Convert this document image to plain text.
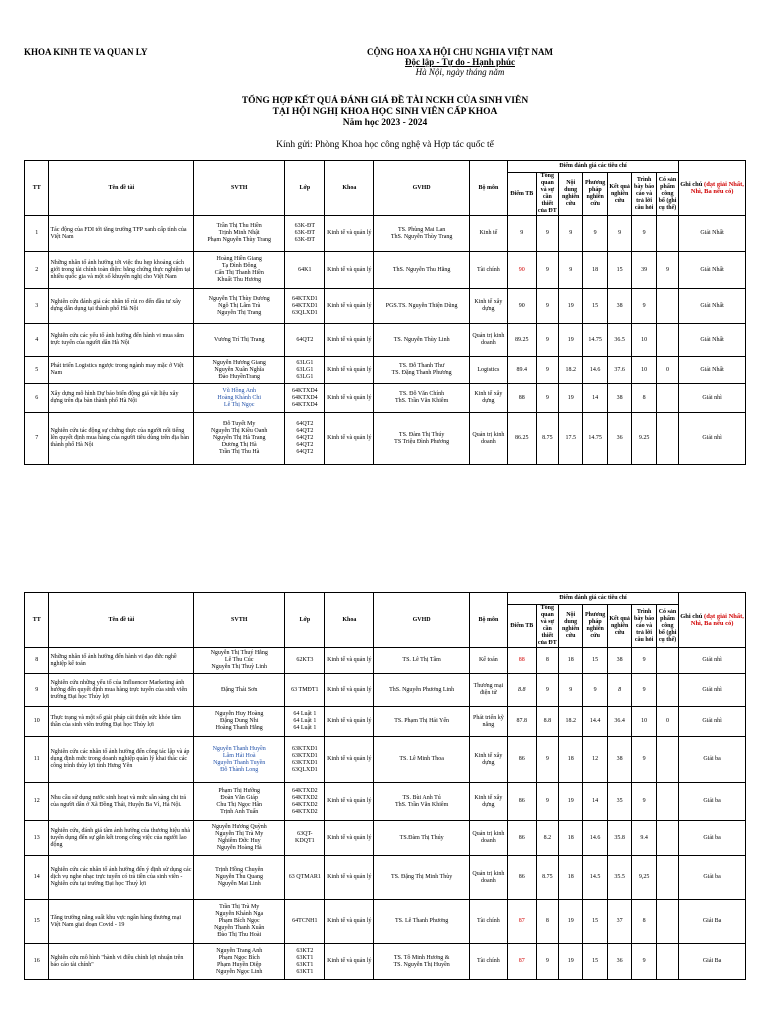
KHOA KINH TE VA QUAN LY	CỘNG HOA XA HỘI CHU NGHIA VIỆT NAM
Độc lập - Tự do - Hạnh phúc
Hà Nội, ngày tháng năm
TỔNG HỢP KẾT QUẢ ĐÁNH GIÁ ĐỀ TÀI NCKH CỦA SINH VIÊN
TẠI HỘI NGHỊ KHOA HỌC SINH VIÊN CẤP KHOA
Năm học 2023 - 2024
Kính gửi: Phòng Khoa học công nghệ và Hợp tác quốc tế
TT	Tên đề tài	SVTH	Lớp	Khoa	GVHD	Bộ môn	Điểm đánh giá các tiêu chí							Ghi chú (đạt giải Nhất, Nhì, Ba nếu có)
							Điểm TB	Tổng quan và sự cần thiết của ĐT	Nội dung nghiên cứu	Phương pháp nghiên cứu	Kết quả nghiên cứu	Trình bày báo cáo và trả lời câu hỏi	Có sản phẩm công bố (ghi cụ thể)	
1	Tác động của FDI tới tăng trưởng TFP xanh cấp tỉnh của Việt Nam	Trần Thị Thu Hiền
Trịnh Minh Nhật
Phạm Nguyễn Thùy Trang	63K-ĐT
63K-ĐT
63K-ĐT	Kinh tế và quản lý	TS. Phùng Mai Lan
ThS. Nguyễn Thùy Trang	Kinh tế	9	9	9	9	9	9		Giải Nhất
2	Những nhân tố ảnh hưởng tới việc thu hẹp khoảng cách giới trong tài chính toàn diện: bằng chứng thực nghiệm tại nhiều quốc gia và một số khuyến nghị cho Việt Nam	Hoàng Hiền Giang
Tạ Đình Đông
Cấn Thị Thanh Hiền
Khuất Thu Hương	64K1	Kinh tế và quản lý	ThS. Nguyễn Thu Hằng	Tài chính	90	9	9	18	15	39	9	Giải Nhất
3	Nghiên cứu đánh giá các nhân tố rủi ro đến đầu tư xây dựng dẫn dụng tại thành phố Hà Nội	Nguyễn Thị Thùy Dương
Ngô Thị Lâm Trà
Nguyễn Thị Trang	64KTXD1
64KTXD1
63QLXD1	Kinh tế và quản lý	PGS.TS. Nguyễn Thiện Dũng	Kinh tế xây dựng	90	9	19	15	38	9		Giải Nhất
4	Nghiên cứu các yếu tố ảnh hưởng đến hành vi mua sắm trực tuyến của người dân Hà Nội	Vương Trí Thị Trang	64QT2	Kinh tế và quản lý	TS. Nguyễn Thùy Linh	Quản trị kinh doanh	89.25	9	19	14.75	36.5	10		Giải Nhất
5	Phát triển Logistics ngược trong ngành may mặc ở Việt Nam	Nguyễn Hương Giang
Nguyễn Xuân Nghĩa
Đào HuyềnTrang	63LG1
63LG1
63LG1	Kinh tế và quản lý	TS. Đỗ Thanh Thư
TS. Đặng Thanh Phương	Logistics	89.4	9	18.2	14.6	37.6	10	0	Giải Nhất
6	Xây dựng mô hình Dự báo biến động giá vật liệu xây dựng trên địa bàn thành phố Hà Nội	Vũ Hồng Anh
Hoàng Khánh Chi
Lê Thị Ngọc	64KTXD4
64KTXD4
64KTXD4	Kinh tế và quản lý	TS. Đỗ Văn Chính
ThS. Trần Văn Khiêm	Kinh tế xây dựng	88	9	19	14	38	8		Giải nhì
7	Nghiên cứu tác động sự chứng thực của người nổi tiếng lên quyết định mua hàng của người tiêu dùng trên địa bàn thành phố Hà Nội	Đỗ Tuyết My
Nguyễn Thị Kiều Oanh
Nguyễn Thị Hà Trang
Dương Thị Hà
Trần Thị Thu Hà	64QT2
64QT2
64QT2
64QT2
64QT2	Kinh tế và quản lý	TS. Đàm Thị Thúy
TS Triệu Đình Phương	Quản trị kinh doanh	86.25	8.75	17.5	14.75	36	9.25		Giải nhì
TT	Tên đề tài	SVTH	Lớp	Khoa	GVHD	Bộ môn	Điểm đánh giá các tiêu chí							Ghi chú (đạt giải Nhất, Nhì, Ba nếu có)
							Điểm TB	Tổng quan và sự cần thiết của ĐT	Nội dung nghiên cứu	Phương pháp nghiên cứu	Kết quả nghiên cứu	Trình bày báo cáo và trả lời câu hỏi	Có sản phẩm công bố (ghi cụ thể)	
8	Những nhân tố ảnh hưởng đến hành vi đạo đức nghề nghiệp kế toán	Nguyễn Thị Thuý Hằng
Lê Thu Cúc
Nguyễn Thị Thuỳ Linh	62KT3	Kinh tế và quản lý	TS. Lê Thị Tâm	Kế toán	88	8	18	15	38	9		Giải nhì
9	Nghiên cứu những yếu tố của Influencer Marketing ảnh hưởng đến quyết định mua hàng trực tuyến của sinh viên trường Đại học Thủy lợi	Đặng Thái Sơn	63 TMĐT1	Kinh tế và quản lý	ThS. Nguyễn Phương Linh	Thương mại điện tử	8.8	9	9	9	8	9		Giải nhì
10	Thực trạng và một số giải pháp cải thiện sức khỏe tâm thần của sinh viên trường Đại học Thủy lợi	Nguyễn Huy Hoàng
Đặng Dung Nhi
Hoàng Thanh Hằng	64 Luật 1
64 Luật 1
64 Luật 1	Kinh tế và quản lý	TS. Phạm Thị Hải Yến	Phát triển kỹ năng	87.8	8.8	18.2	14.4	36.4	10	0	Giải nhì
11	Nghiên cứu các nhân tố ảnh hưởng đến công tác lập và áp dụng định mức trong doanh nghiệp quản lý khai thác các công trình thủy lợi tỉnh Hưng Yên	Nguyễn Thanh Huyền
Lâm Hải Hoà
Nguyễn Thanh Tuyền
Đỗ Thành Long	63KTXD1
63KTXD1
63KTXD1
63QLXD1	Kinh tế và quản lý	TS. Lê Minh Thoa	Kinh tế xây dựng	86	9	18	12	38	9		Giải ba
12	Nhu cầu sử dụng nước sinh hoạt và mức sẵn sàng chi trả của người dân ở Xã Đồng Thái, Huyện Ba Vì, Hà Nội.	Phạm Thị Hường
Đoàn Văn Giáp
Chu Thị Ngọc Hân
Trịnh Anh Tuấn	64KTXD2
64KTXD2
64KTXD2
64KTXD2	Kinh tế và quản lý	TS. Bùi Anh Tú
ThS. Trần Văn Khiêm	Kinh tế xây dựng	86	9	19	14	35	9		Giải ba
13	Nghiên cứu, đánh giá tâm ảnh hưởng của thương hiệu nhà tuyển dụng đến sự gắn kết trong công việc của người lao động	Nguyễn Hương Quỳnh
Nguyễn Thị Trà My
Nghiêm Đức Huy
Nguyễn Hoàng Hà	63QT-
KDQT1	Kinh tế và quản lý	TS.Đàm Thị Thúy	Quản trị kinh doanh	86	8.2	18	14.6	35.8	9.4		Giải ba
14	Nghiên cứu các nhân tố ảnh hưởng đến ý định sử dụng các dịch vụ nghe nhạc trực tuyến có trả tiền của sinh viên - Nghiên cứu tại trường Đại học Thuỷ lợi	Trịnh Hồng Chuyên
Nguyễn Thu Quang
Nguyễn Mai Linh	63 QTMAR1	Kinh tế và quản lý	TS. Đặng Thị Minh Thùy	Quản trị kinh doanh	86	8.75	18	14.5	35.5	9,25		Giải ba
15	Tăng trưởng năng suất khu vực ngân hàng thương mại Việt Nam giai đoạn Covid - 19	Trần Thị Trà My
Nguyễn Khánh Nga
Phạm Bích Ngọc
Nguyễn Thanh Xuân
Đào Thị Thu Hoài	64TCNH1	Kinh tế và quản lý	TS. Lê Thanh Phương	Tài chính	87	8	19	15	37	8		Giải Ba
16	Nghiên cứu mô hình "hành vi điều chỉnh lợi nhuận trên báo cáo tài chính"	Nguyễn Trang Anh
Phạm Ngọc Bích
Phạm Huyền Diệp
Nguyễn Ngọc Linh	63KT2
63KT1
63KT1
63KT1	Kinh tế và quản lý	TS. Tô Minh Hương &
TS. Nguyễn Thị Huyền	Tài chính	87	9	19	15	36	9		Giải Ba
